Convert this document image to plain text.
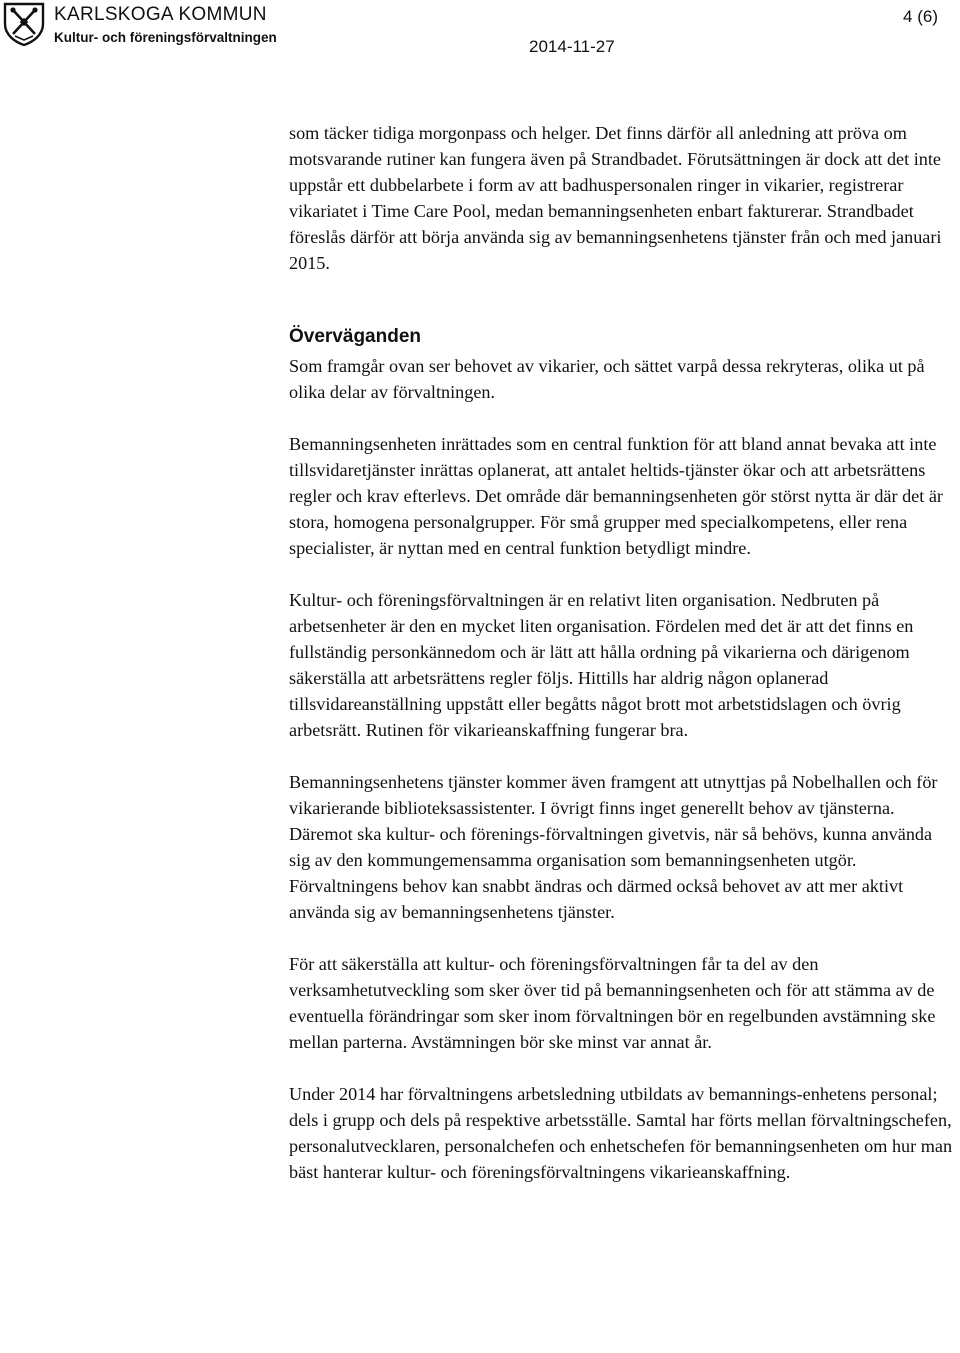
KARLSKOGA KOMMUN
Kultur- och föreningsförvaltningen
4 (6)
2014-11-27

som täcker tidiga morgonpass och helger. Det finns därför all anledning att pröva om motsvarande rutiner kan fungera även på Strandbadet. Förutsättningen är dock att det inte uppstår ett dubbelarbete i form av att badhuspersonalen ringer in vikarier, registrerar vikariatet i Time Care Pool, medan bemanningsenheten enbart fakturerar. Strandbadet föreslås därför att börja använda sig av bemanningsenhetens tjänster från och med januari 2015.

Överväganden

Som framgår ovan ser behovet av vikarier, och sättet varpå dessa rekryteras, olika ut på olika delar av förvaltningen.

Bemanningsenheten inrättades som en central funktion för att bland annat bevaka att inte tillsvidaretjänster inrättas oplanerat, att antalet heltids-tjänster ökar och att arbetsrättens regler och krav efterlevs. Det område där bemanningsenheten gör störst nytta är där det är stora, homogena personalgrupper. För små grupper med specialkompetens, eller rena specialister, är nyttan med en central funktion betydligt mindre.

Kultur- och föreningsförvaltningen är en relativt liten organisation. Nedbruten på arbetsenheter är den en mycket liten organisation. Fördelen med det är att det finns en fullständig personkännedom och är lätt att hålla ordning på vikarierna och därigenom säkerställa att arbetsrättens regler följs. Hittills har aldrig någon oplanerad tillsvidareanställning uppstått eller begåtts något brott mot arbetstidslagen och övrig arbetsrätt. Rutinen för vikarieanskaffning fungerar bra.

Bemanningsenhetens tjänster kommer även framgent att utnyttjas på Nobelhallen och för vikarierande biblioteksassistenter. I övrigt finns inget generellt behov av tjänsterna. Däremot ska kultur- och förenings-förvaltningen givetvis, när så behövs, kunna använda sig av den kommungemensamma organisation som bemanningsenheten utgör. Förvaltningens behov kan snabbt ändras och därmed också behovet av att mer aktivt använda sig av bemanningsenhetens tjänster.

För att säkerställa att kultur- och föreningsförvaltningen får ta del av den verksamhetutveckling som sker över tid på bemanningsenheten och för att stämma av de eventuella förändringar som sker inom förvaltningen bör en regelbunden avstämning ske mellan parterna. Avstämningen bör ske minst var annat år.

Under 2014 har förvaltningens arbetsledning utbildats av bemannings-enhetens personal; dels i grupp och dels på respektive arbetsställe. Samtal har förts mellan förvaltningschefen, personalutvecklaren, personalchefen och enhetschefen för bemanningsenheten om hur man bäst hanterar kultur- och föreningsförvaltningens vikarieanskaffning.
